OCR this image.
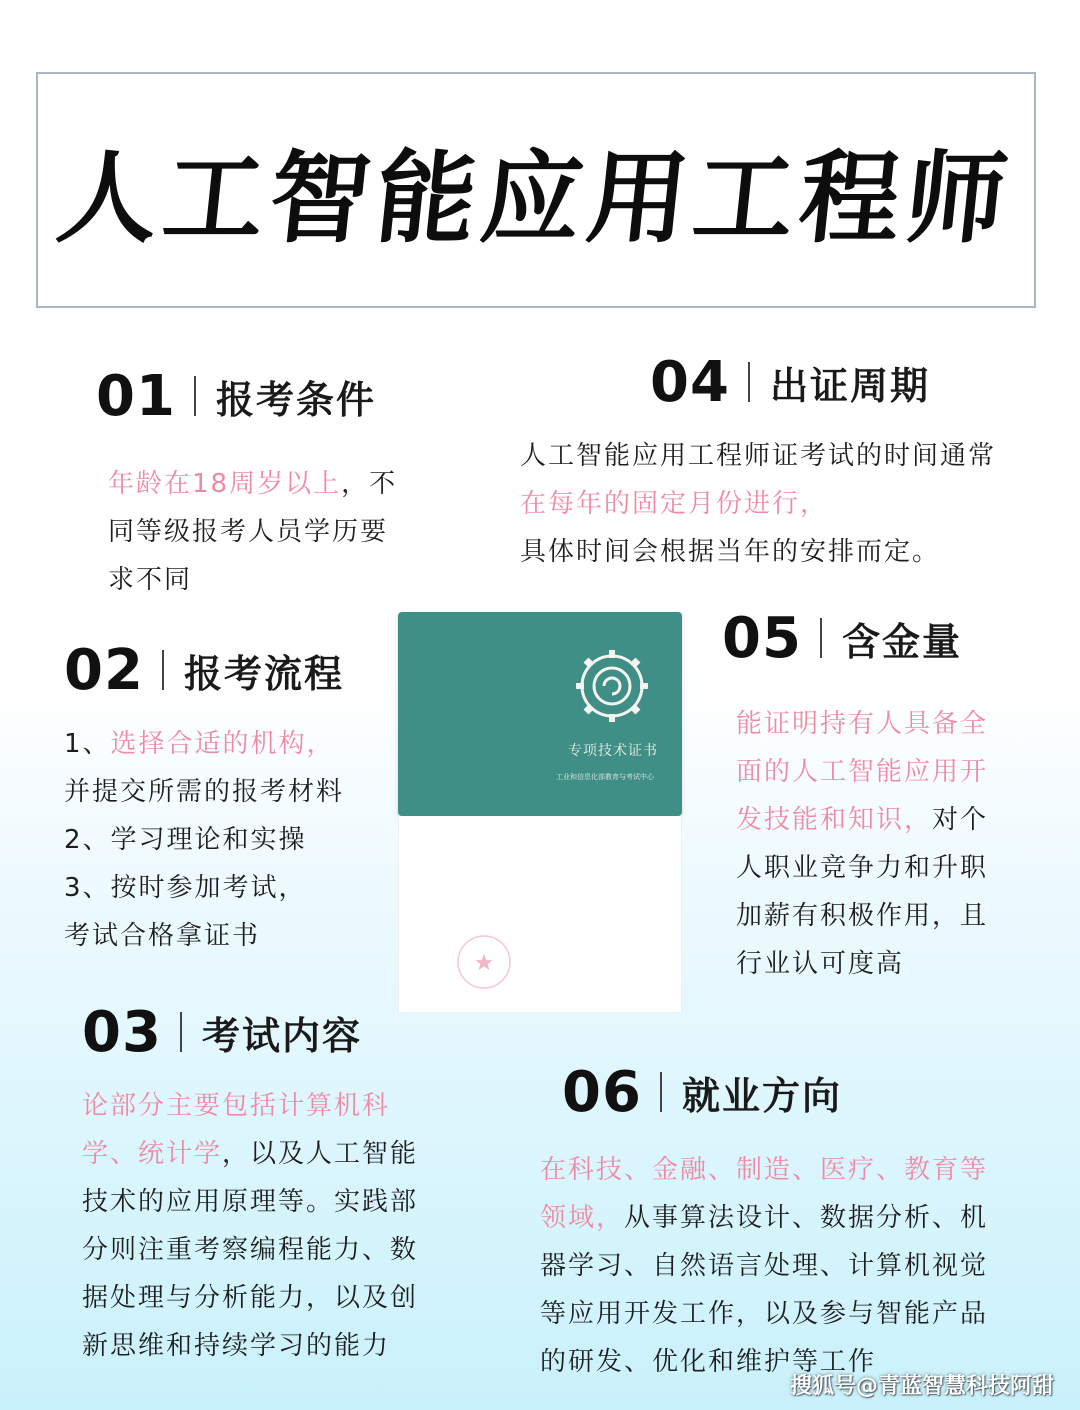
人工智能应用工程师
01 报考条件
年龄在18周岁以上，不
同等级报考人员学历要
求不同
04 出证周期
人工智能应用工程师证考试的时间通常
在每年的固定月份进行，
具体时间会根据当年的安排而定。
02 报考流程
1、选择合适的机构，
并提交所需的报考材料
2、学习理论和实操
3、按时参加考试，
考试合格拿证书
专项技术证书
工业和信息化部教育与考试中心
05 含金量
能证明持有人具备全
面的人工智能应用开
发技能和知识，对个
人职业竞争力和升职
加薪有积极作用，且
行业认可度高
03 考试内容
论部分主要包括计算机科
学、统计学，以及人工智能
技术的应用原理等。实践部
分则注重考察编程能力、数
据处理与分析能力，以及创
新思维和持续学习的能力
06 就业方向
在科技、金融、制造、医疗、教育等
领域，从事算法设计、数据分析、机
器学习、自然语言处理、计算机视觉
等应用开发工作，以及参与智能产品
的研发、优化和维护等工作
搜狐号@青蓝智慧科技阿甜
